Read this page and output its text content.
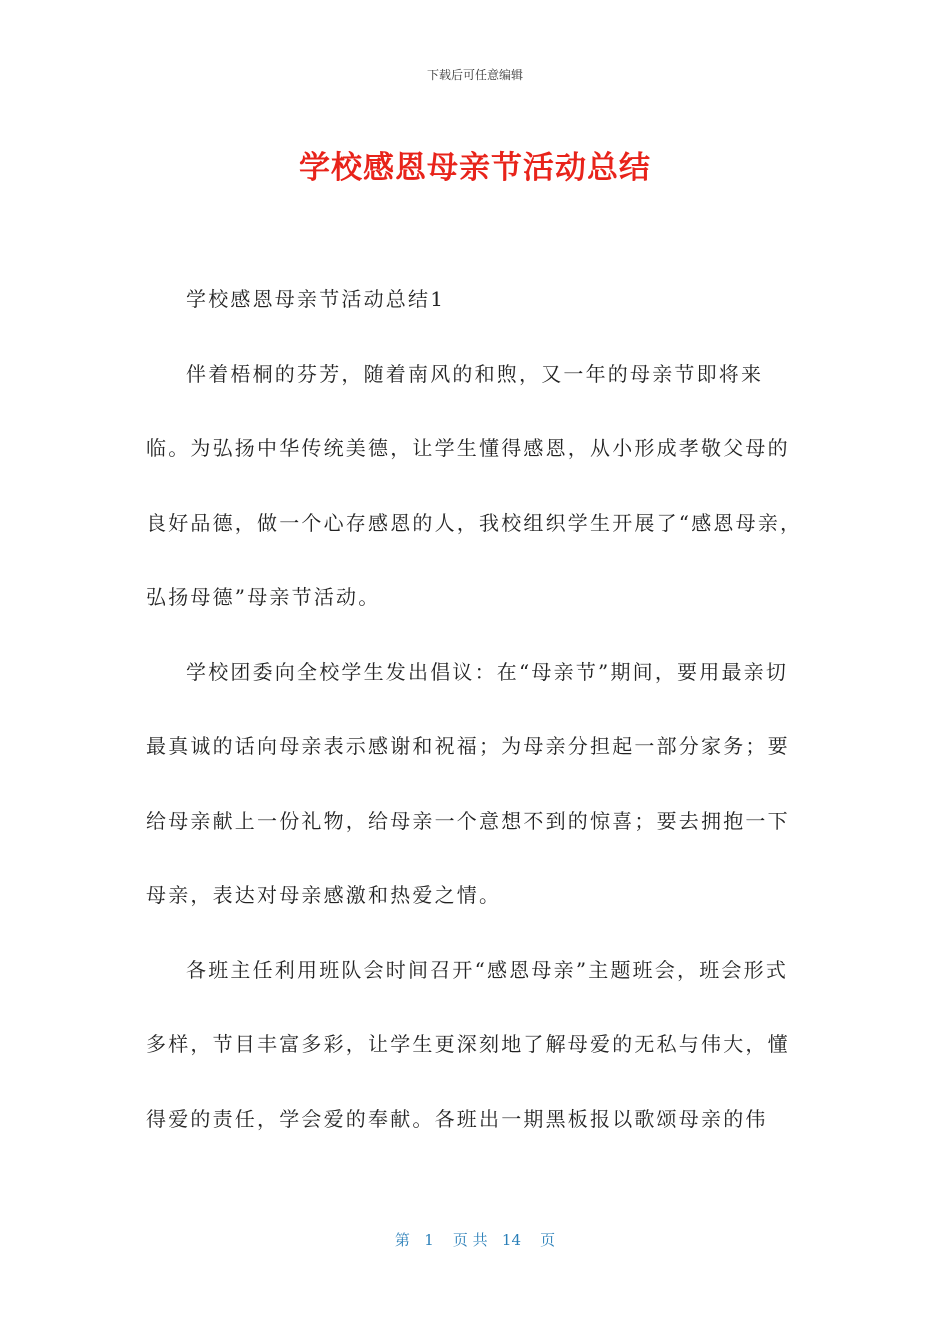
下载后可任意编辑
学校感恩母亲节活动总结

学校感恩母亲节活动总结1

伴着梧桐的芬芳，随着南风的和煦，又一年的母亲节即将来临。为弘扬中华传统美德，让学生懂得感恩，从小形成孝敬父母的良好品德，做一个心存感恩的人，我校组织学生开展了“感恩母亲，弘扬母德”母亲节活动。

学校团委向全校学生发出倡议：在“母亲节”期间，要用最亲切最真诚的话向母亲表示感谢和祝福；为母亲分担起一部分家务；要给母亲献上一份礼物，给母亲一个意想不到的惊喜；要去拥抱一下母亲，表达对母亲感激和热爱之情。

各班主任利用班队会时间召开“感恩母亲”主题班会，班会形式多样，节目丰富多彩，让学生更深刻地了解母爱的无私与伟大，懂得爱的责任，学会爱的奉献。各班出一期黑板报以歌颂母亲的伟

第   1    页 共   14    页
